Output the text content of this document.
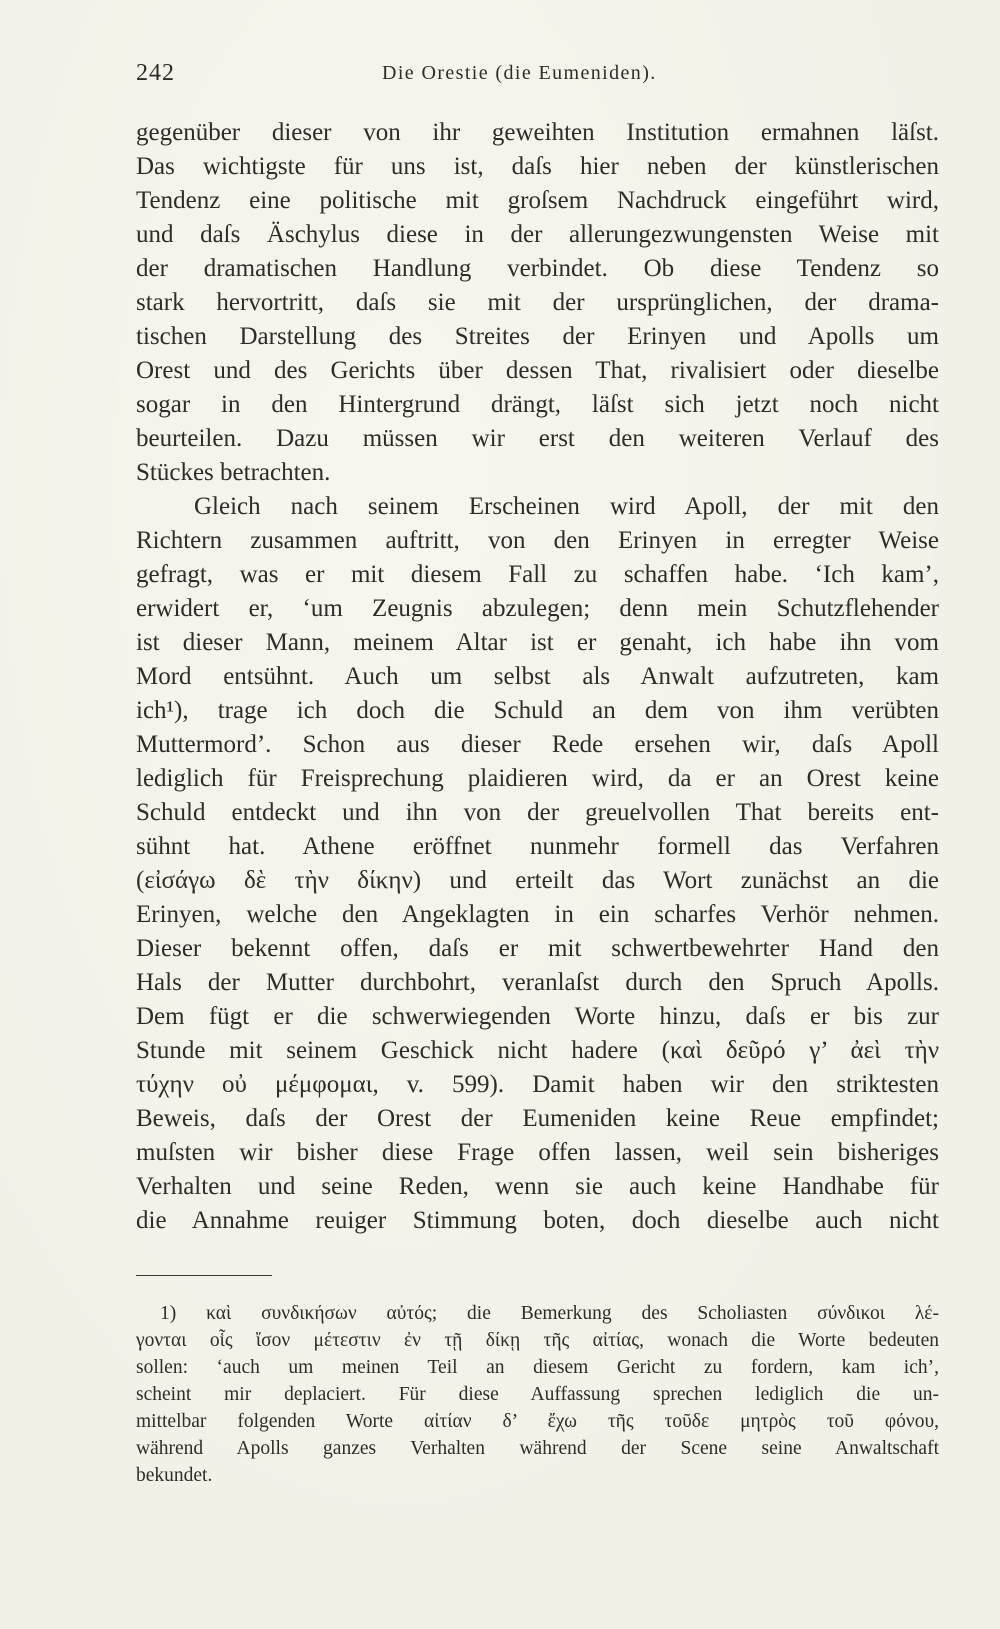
242	Die Orestie (die Eumeniden).
gegenüber dieser von ihr geweihten Institution ermahnen läſst.
Das wichtigste für uns ist, daſs hier neben der künstlerischen
Tendenz eine politische mit groſsem Nachdruck eingeführt wird,
und daſs Äschylus diese in der allerungezwungensten Weise mit
der dramatischen Handlung verbindet. Ob diese Tendenz so
stark hervortritt, daſs sie mit der ursprünglichen, der drama-
tischen Darstellung des Streites der Erinyen und Apolls um
Orest und des Gerichts über dessen That, rivalisiert oder dieselbe
sogar in den Hintergrund drängt, läſst sich jetzt noch nicht
beurteilen. Dazu müssen wir erst den weiteren Verlauf des
Stückes betrachten.
Gleich nach seinem Erscheinen wird Apoll, der mit den
Richtern zusammen auftritt, von den Erinyen in erregter Weise
gefragt, was er mit diesem Fall zu schaffen habe. ‘Ich kam’,
erwidert er, ‘um Zeugnis abzulegen; denn mein Schutzflehender
ist dieser Mann, meinem Altar ist er genaht, ich habe ihn vom
Mord entsühnt. Auch um selbst als Anwalt aufzutreten, kam
ich¹), trage ich doch die Schuld an dem von ihm verübten
Muttermord’. Schon aus dieser Rede ersehen wir, daſs Apoll
lediglich für Freisprechung plaidieren wird, da er an Orest keine
Schuld entdeckt und ihn von der greuelvollen That bereits ent-
sühnt hat. Athene eröffnet nunmehr formell das Verfahren
(εἰσάγω δὲ τὴν δίκην) und erteilt das Wort zunächst an die
Erinyen, welche den Angeklagten in ein scharfes Verhör nehmen.
Dieser bekennt offen, daſs er mit schwertbewehrter Hand den
Hals der Mutter durchbohrt, veranlaſst durch den Spruch Apolls.
Dem fügt er die schwerwiegenden Worte hinzu, daſs er bis zur
Stunde mit seinem Geschick nicht hadere (καὶ δεῦρό γ’ ἀεὶ τὴν
τύχην οὐ μέμφομαι, v. 599). Damit haben wir den striktesten
Beweis, daſs der Orest der Eumeniden keine Reue empfindet;
muſsten wir bisher diese Frage offen lassen, weil sein bisheriges
Verhalten und seine Reden, wenn sie auch keine Handhabe für
die Annahme reuiger Stimmung boten, doch dieselbe auch nicht
1) καὶ συνδικήσων αὐτός; die Bemerkung des Scholiasten σύνδικοι λέ-
γονται οἷς ἴσον μέτεστιν ἐν τῇ δίκῃ τῆς αἰτίας, wonach die Worte bedeuten
sollen: ‘auch um meinen Teil an diesem Gericht zu fordern, kam ich’,
scheint mir deplaciert. Für diese Auffassung sprechen lediglich die un-
mittelbar folgenden Worte αἰτίαν δ’ ἔχω τῆς τοῦδε μητρὸς τοῦ φόνου,
während Apolls ganzes Verhalten während der Scene seine Anwaltschaft
bekundet.
